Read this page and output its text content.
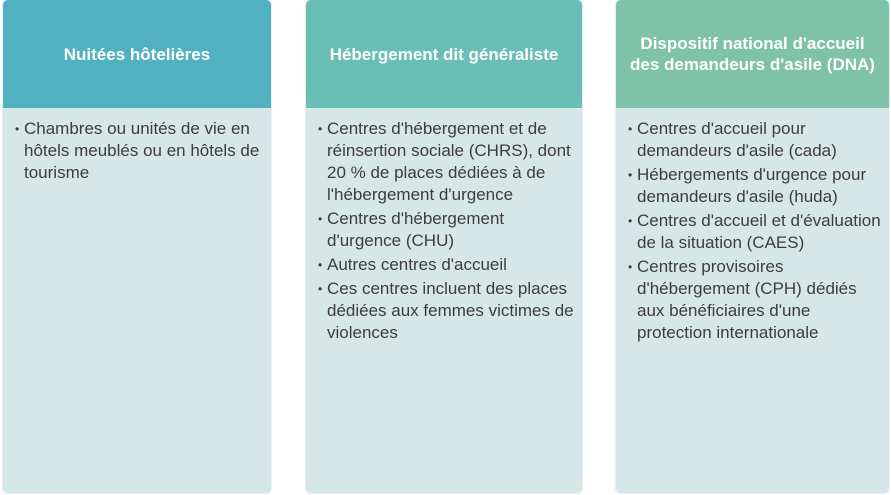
Nuitées hôtelières
• Chambres ou unités de vie en hôtels meublés ou en hôtels de tourisme
Hébergement dit généraliste
• Centres d'hébergement et de réinsertion sociale (CHRS), dont 20 % de places dédiées à de l'hébergement d'urgence
• Centres d'hébergement d'urgence (CHU)
• Autres centres d'accueil
• Ces centres incluent des places dédiées aux femmes victimes de violences
Dispositif national d'accueil des demandeurs d'asile (DNA)
• Centres d'accueil pour demandeurs d'asile (cada)
• Hébergements d'urgence pour demandeurs d'asile (huda)
• Centres d'accueil et d'évaluation de la situation (CAES)
• Centres provisoires d'hébergement (CPH) dédiés aux bénéficiaires d'une protection internationale
